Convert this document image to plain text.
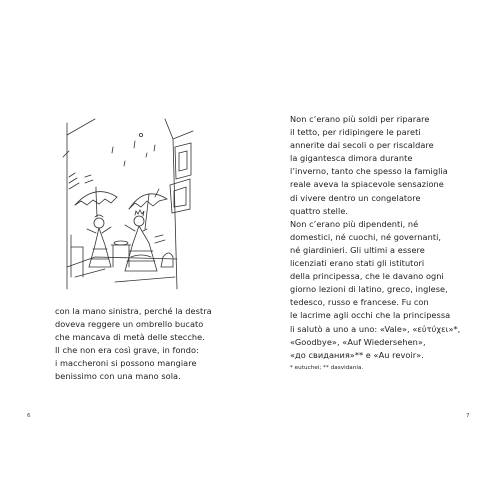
con la mano sinistra, perché la destra
doveva reggere un ombrello bucato
che mancava di metà delle stecche.
Il che non era così grave, in fondo:
i maccheroni si possono mangiare
benissimo con una mano sola.
6
Non c’erano più soldi per riparare
il tetto, per ridipingere le pareti
annerite dai secoli o per riscaldare
la gigantesca dimora durante
l’inverno, tanto che spesso la famiglia
reale aveva la spiacevole sensazione
di vivere dentro un congelatore
quattro stelle.
Non c’erano più dipendenti, né
domestici, né cuochi, né governanti,
né giardinieri. Gli ultimi a essere
licenziati erano stati gli istitutori
della principessa, che le davano ogni
giorno lezioni di latino, greco, inglese,
tedesco, russo e francese. Fu con
le lacrime agli occhi che la principessa
li salutò a uno a uno: «Vale», «εὐτύχει»*,
«Goodbye», «Auf Wiedersehen»,
«до свидания»** e «Au revoir».
* eutuchei; ** dasvidania.
7
